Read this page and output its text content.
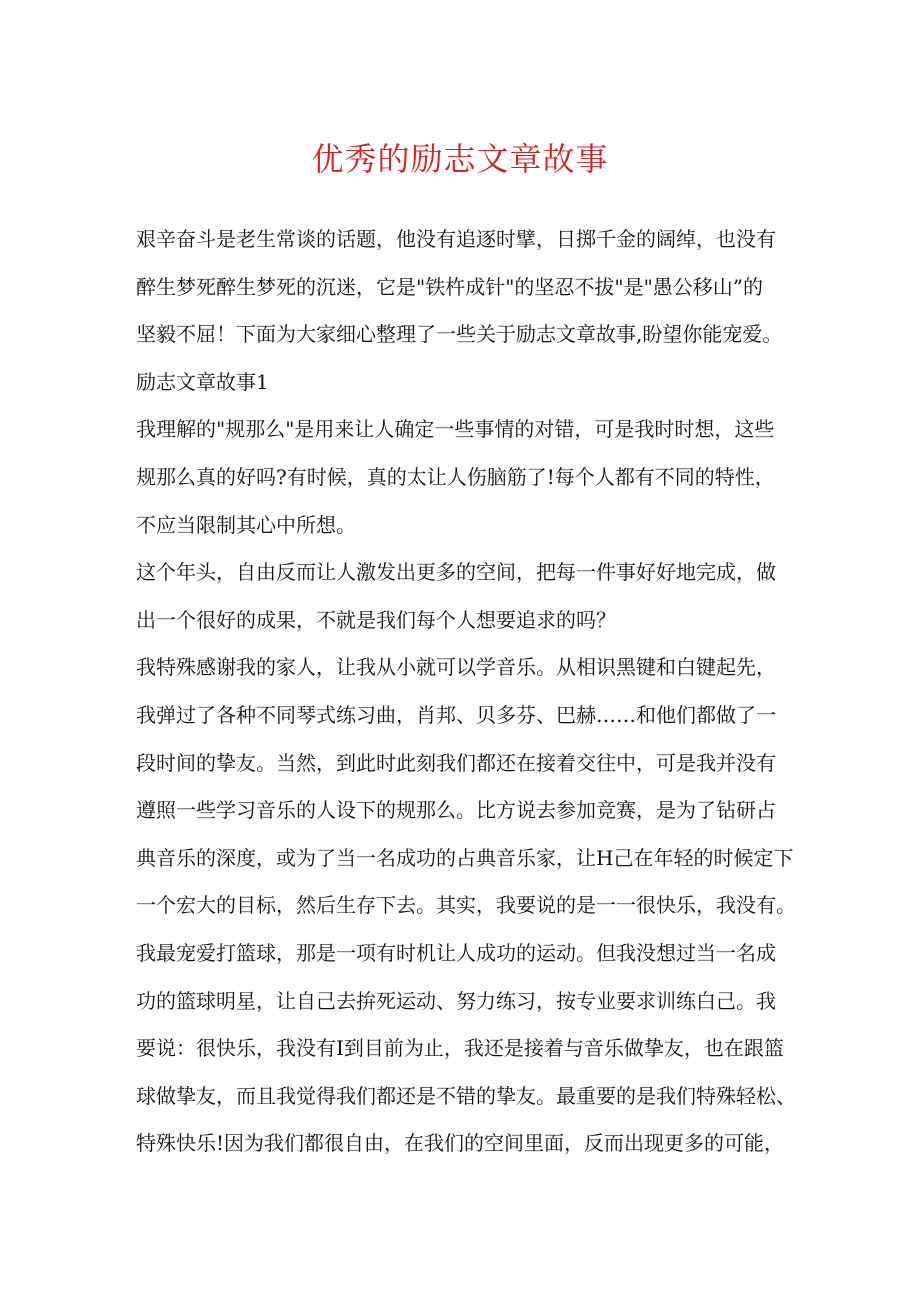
优秀的励志文章故事
艰辛奋斗是老生常谈的话题，他没有追逐时擘，日掷千金的阔绰，也没有
醉生梦死醉生梦死的沉迷，它是"铁杵成针"的坚忍不拔"是"愚公移山”的
坚毅不屈！下面为大家细心整理了一些关于励志文章故事,盼望你能宠爱。
励志文章故事1
我理解的"规那么"是用来让人确定一些事情的对错，可是我时时想，这些
规那么真的好吗?有时候，真的太让人伤脑筋了!每个人都有不同的特性，
不应当限制其心中所想。
这个年头，自由反而让人激发出更多的空间，把每一件事好好地完成，做
出一个很好的成果，不就是我们每个人想要追求的吗？
我特殊感谢我的家人，让我从小就可以学音乐。从相识黑键和白键起先，
我弹过了各种不同琴式练习曲，肖邦、贝多芬、巴赫……和他们都做了一
段时间的挚友。当然，到此时此刻我们都还在接着交往中，可是我并没有
遵照一些学习音乐的人设下的规那么。比方说去参加竞赛，是为了钻研占
典音乐的深度，或为了当一名成功的占典音乐家，让H己在年轻的时候定下
一个宏大的目标，然后生存下去。其实，我要说的是一一很快乐，我没有。
我最宠爱打篮球，那是一项有时机让人成功的运动。但我没想过当一名成
功的篮球明星，让自己去拚死运动、努力练习，按专业要求训练白己。我
要说：很快乐，我没有I到目前为止，我还是接着与音乐做挚友，也在跟篮
球做挚友，而且我觉得我们都还是不错的挚友。最重要的是我们特殊轻松、
特殊快乐!因为我们都很自由，在我们的空间里面，反而出现更多的可能，
